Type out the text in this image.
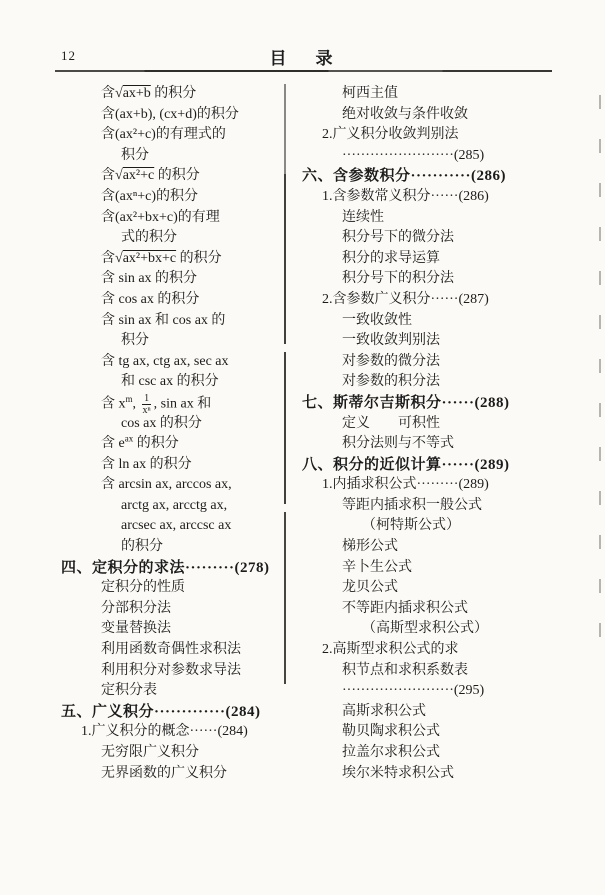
12	目　录
含√ax+b 的积分
含(ax+b), (cx+d)的积分
含(ax²+c)的有理式的
积分
含√ax²+c 的积分
含(axⁿ+c)的积分
含(ax²+bx+c)的有理
式的积分
含√ax²+bx+c 的积分
含 sin ax 的积分
含 cos ax 的积分
含 sin ax 和 cos ax 的
积分
含 tg ax, ctg ax, sec ax
和 csc ax 的积分
含 $x^m$, $\frac{1}{\text{xⁿ}}$ , sin ax 和
cos ax 的积分
含 $e^{ax}$ 的积分
含 ln ax 的积分
含 arcsin ax, arccos ax,
arctg ax, arcctg ax,
arcsec ax, arccsc ax
的积分
四、定积分的求法·········(278)
定积分的性质
分部积分法
变量替换法
利用函数奇偶性求积法
利用积分对参数求导法
定积分表
五、广义积分·············(284)
1.广义积分的概念······(284)
无穷限广义积分
无界函数的广义积分
柯西主值
绝对收敛与条件收敛
2.广义积分收敛判别法
························(285)
六、含参数积分···········(286)
1.含参数常义积分······(286)
连续性
积分号下的微分法
积分的求导运算
积分号下的积分法
2.含参数广义积分······(287)
一致收敛性
一致收敛判别法
对参数的微分法
对参数的积分法
七、斯蒂尔吉斯积分······(288)
定义　　可积性
积分法则与不等式
八、积分的近似计算······(289)
1.内插求积公式·········(289)
等距内插求积一般公式
（柯特斯公式）
梯形公式
辛卜生公式
龙贝公式
不等距内插求积公式
（高斯型求积公式）
2.高斯型求积公式的求
积节点和求积系数表
························(295)
高斯求积公式
勒贝陶求积公式
拉盖尔求积公式
埃尔米特求积公式
